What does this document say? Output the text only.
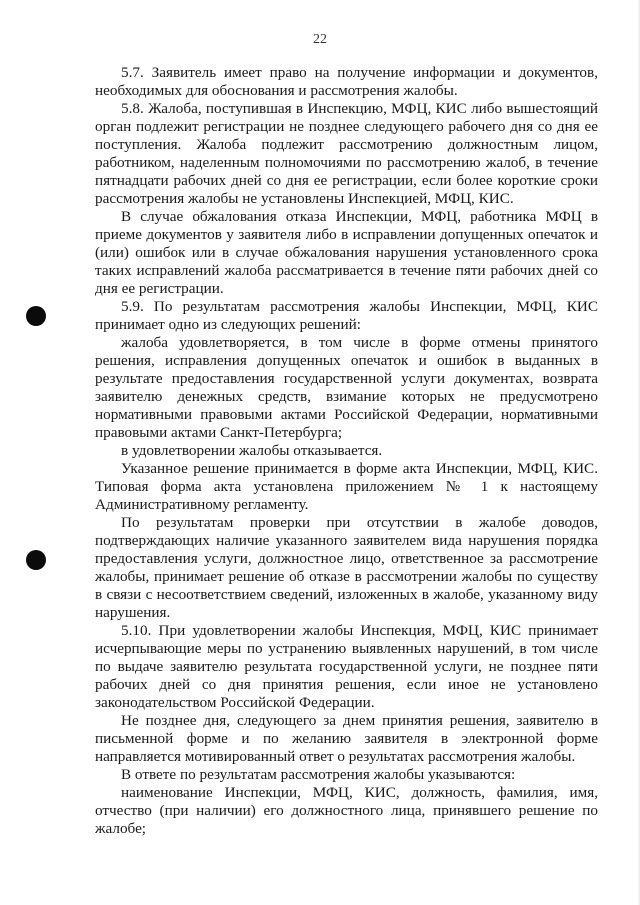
22

5.7. Заявитель имеет право на получение информации и документов, необходимых для обоснования и рассмотрения жалобы.

5.8. Жалоба, поступившая в Инспекцию, МФЦ, КИС либо вышестоящий орган подлежит регистрации не позднее следующего рабочего дня со дня ее поступления. Жалоба подлежит рассмотрению должностным лицом, работником, наделенным полномочиями по рассмотрению жалоб, в течение пятнадцати рабочих дней со дня ее регистрации, если более короткие сроки рассмотрения жалобы не установлены Инспекцией, МФЦ, КИС.

В случае обжалования отказа Инспекции, МФЦ, работника МФЦ в приеме документов у заявителя либо в исправлении допущенных опечаток и (или) ошибок или в случае обжалования нарушения установленного срока таких исправлений жалоба рассматривается в течение пяти рабочих дней со дня ее регистрации.

5.9. По результатам рассмотрения жалобы Инспекции, МФЦ, КИС принимает одно из следующих решений:

жалоба удовлетворяется, в том числе в форме отмены принятого решения, исправления допущенных опечаток и ошибок в выданных в результате предоставления государственной услуги документах, возврата заявителю денежных средств, взимание которых не предусмотрено нормативными правовыми актами Российской Федерации, нормативными правовыми актами Санкт-Петербурга;

в удовлетворении жалобы отказывается.

Указанное решение принимается в форме акта Инспекции, МФЦ, КИС. Типовая форма акта установлена приложением № 1 к настоящему Административному регламенту.

По результатам проверки при отсутствии в жалобе доводов, подтверждающих наличие указанного заявителем вида нарушения порядка предоставления услуги, должностное лицо, ответственное за рассмотрение жалобы, принимает решение об отказе в рассмотрении жалобы по существу в связи с несоответствием сведений, изложенных в жалобе, указанному виду нарушения.

5.10. При удовлетворении жалобы Инспекция, МФЦ, КИС принимает исчерпывающие меры по устранению выявленных нарушений, в том числе по выдаче заявителю результата государственной услуги, не позднее пяти рабочих дней со дня принятия решения, если иное не установлено законодательством Российской Федерации.

Не позднее дня, следующего за днем принятия решения, заявителю в письменной форме и по желанию заявителя в электронной форме направляется мотивированный ответ о результатах рассмотрения жалобы.

В ответе по результатам рассмотрения жалобы указываются:

наименование Инспекции, МФЦ, КИС, должность, фамилия, имя, отчество (при наличии) его должностного лица, принявшего решение по жалобе;
